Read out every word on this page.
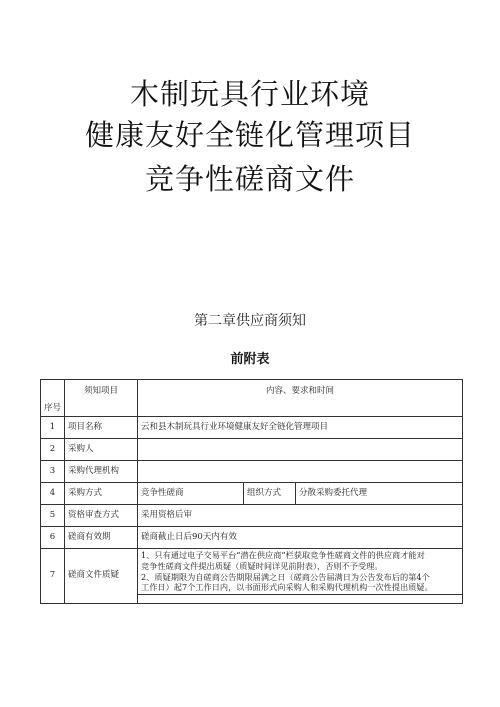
木制玩具行业环境
健康友好全链化管理项目
竞争性磋商文件
第二章供应商须知
前附表
序号	须知项目	内容、要求和时间		
1	项目名称	云和县木制玩具行业环境健康友好全链化管理项目		
2	采购人			
3	采购代理机构			
4	采购方式	竞争性磋商	组织方式	分散采购委托代理
5	资格审查方式	采用资格后审		
6	磋商有效期	磋商截止日后90天内有效		
7	磋商文件质疑	1、只有通过电子交易平台“潜在供应商”栏获取竞争性磋商文件的供应商才能对
竞争性磋商文件提出质疑（质疑时间详见前附表），否则不予受理。
2、质疑期限为自磋商公告期限届满之日（磋商公告届满日为公告发布后的第4个
工作日）起7个工作日内，以书面形式向采购人和采购代理机构一次性提出质疑。		
